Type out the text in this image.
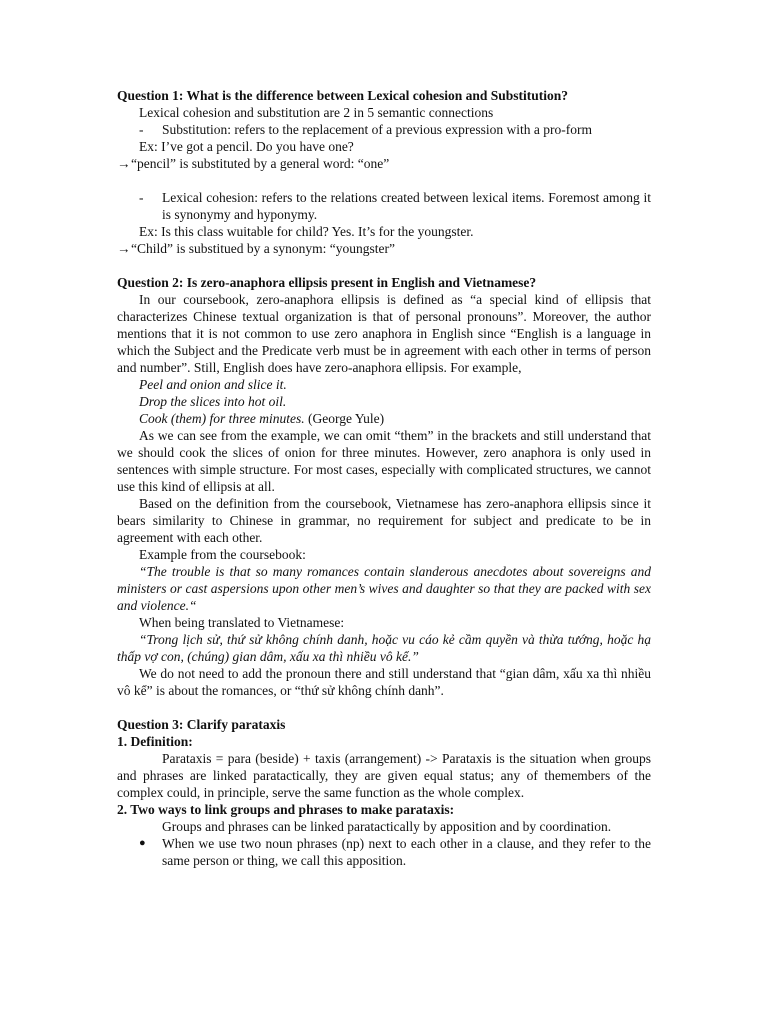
Question 1: What is the difference between Lexical cohesion and Substitution?

Lexical cohesion and substitution are 2 in 5 semantic connections

- Substitution: refers to the replacement of a previous expression with a pro-form

Ex: I’ve got a pencil. Do you have one?

→“pencil” is substituted by a general word: “one”

- Lexical cohesion: refers to the relations created between lexical items. Foremost among it is synonymy and hyponymy.

Ex: Is this class wuitable for child? Yes. It’s for the youngster.

→“Child” is substitued by a synonym: “youngster”

Question 2: Is zero-anaphora ellipsis present in English and Vietnamese?

In our coursebook, zero-anaphora ellipsis is defined as “a special kind of ellipsis that characterizes Chinese textual organization is that of personal pronouns”. Moreover, the author mentions that it is not common to use zero anaphora in English since “English is a language in which the Subject and the Predicate verb must be in agreement with each other in terms of person and number”. Still, English does have zero-anaphora ellipsis. For example,

Peel and onion and slice it.

Drop the slices into hot oil.

Cook (them) for three minutes. (George Yule)

As we can see from the example, we can omit “them” in the brackets and still understand that we should cook the slices of onion for three minutes. However, zero anaphora is only used in sentences with simple structure. For most cases, especially with complicated structures, we cannot use this kind of ellipsis at all.

Based on the definition from the coursebook, Vietnamese has zero-anaphora ellipsis since it bears similarity to Chinese in grammar, no requirement for subject and predicate to be in agreement with each other.

Example from the coursebook:

“The trouble is that so many romances contain slanderous anecdotes about sovereigns and ministers or cast aspersions upon other men’s wives and daughter so that they are packed with sex and violence.“

When being translated to Vietnamese:

“Trong lịch sử, thứ sử không chính danh, hoặc vu cáo kẻ cầm quyền và thừa tướng, hoặc hạ thấp vợ con, (chúng) gian dâm, xấu xa thì nhiều vô kể.”

We do not need to add the pronoun there and still understand that “gian dâm, xấu xa thì nhiều vô kể” is about the romances, or “thứ sử không chính danh”.

Question 3: Clarify parataxis

1. Definition:

Parataxis = para (beside) + taxis (arrangement) -> Parataxis is the situation when groups and phrases are linked paratactically, they are given equal status; any of themembers of the complex could, in principle, serve the same function as the whole complex.

2. Two ways to link groups and phrases to make parataxis:

Groups and phrases can be linked paratactically by apposition and by coordination.

● When we use two noun phrases (np) next to each other in a clause, and they refer to the same person or thing, we call this apposition.
